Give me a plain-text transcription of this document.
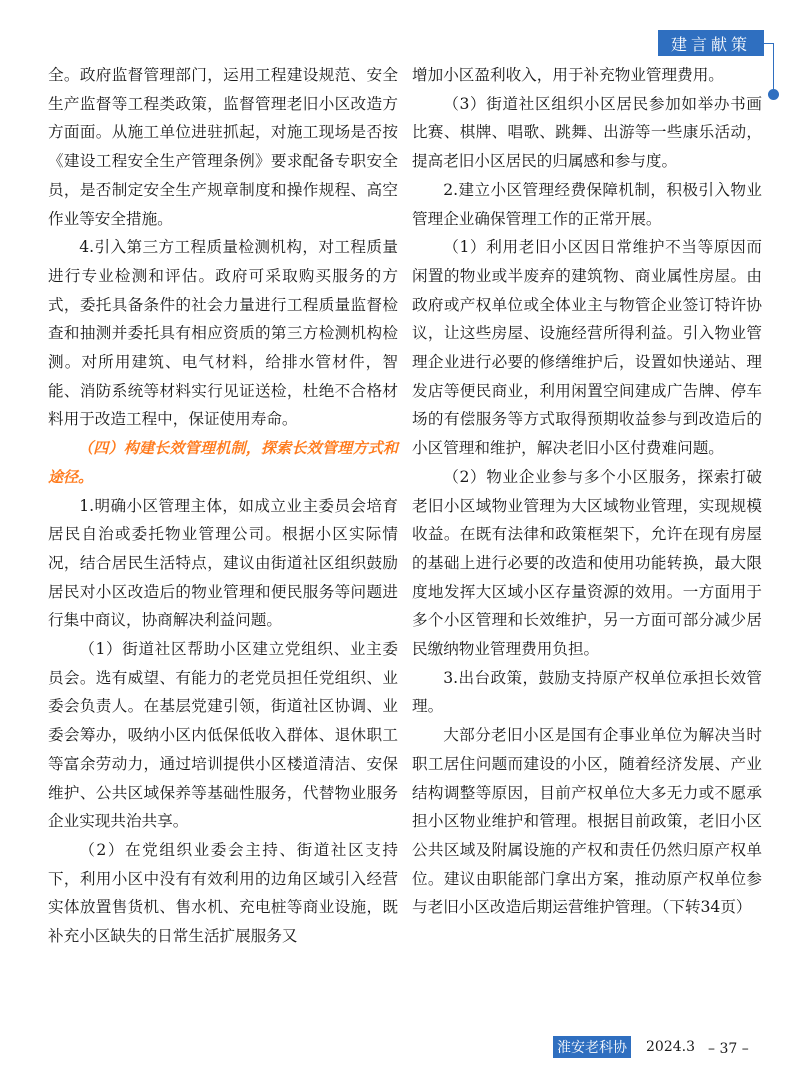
建言献策

全。政府监督管理部门，运用工程建设规范、安全生产监督等工程类政策，监督管理老旧小区改造方方面面。从施工单位进驻抓起，对施工现场是否按《建设工程安全生产管理条例》要求配备专职安全员，是否制定安全生产规章制度和操作规程、高空作业等安全措施。

4.引入第三方工程质量检测机构，对工程质量进行专业检测和评估。政府可采取购买服务的方式，委托具备条件的社会力量进行工程质量监督检查和抽测并委托具有相应资质的第三方检测机构检测。对所用建筑、电气材料，给排水管材件，智能、消防系统等材料实行见证送检，杜绝不合格材料用于改造工程中，保证使用寿命。

（四）构建长效管理机制，探索长效管理方式和途径。

1.明确小区管理主体，如成立业主委员会培育居民自治或委托物业管理公司。根据小区实际情况，结合居民生活特点，建议由街道社区组织鼓励居民对小区改造后的物业管理和便民服务等问题进行集中商议，协商解决利益问题。

（1）街道社区帮助小区建立党组织、业主委员会。选有威望、有能力的老党员担任党组织、业委会负责人。在基层党建引领，街道社区协调、业委会筹办，吸纳小区内低保低收入群体、退休职工等富余劳动力，通过培训提供小区楼道清洁、安保维护、公共区域保养等基础性服务，代替物业服务企业实现共治共享。

（2）在党组织业委会主持、街道社区支持下，利用小区中没有有效利用的边角区域引入经营实体放置售货机、售水机、充电桩等商业设施，既补充小区缺失的日常生活扩展服务又

增加小区盈利收入，用于补充物业管理费用。

（3）街道社区组织小区居民参加如举办书画比赛、棋牌、唱歌、跳舞、出游等一些康乐活动，提高老旧小区居民的归属感和参与度。

2.建立小区管理经费保障机制，积极引入物业管理企业确保管理工作的正常开展。

（1）利用老旧小区因日常维护不当等原因而闲置的物业或半废弃的建筑物、商业属性房屋。由政府或产权单位或全体业主与物管企业签订特许协议，让这些房屋、设施经营所得利益。引入物业管理企业进行必要的修缮维护后，设置如快递站、理发店等便民商业，利用闲置空间建成广告牌、停车场的有偿服务等方式取得预期收益参与到改造后的小区管理和维护，解决老旧小区付费难问题。

（2）物业企业参与多个小区服务，探索打破老旧小区域物业管理为大区域物业管理，实现规模收益。在既有法律和政策框架下，允许在现有房屋的基础上进行必要的改造和使用功能转换，最大限度地发挥大区域小区存量资源的效用。一方面用于多个小区管理和长效维护，另一方面可部分减少居民缴纳物业管理费用负担。

3.出台政策，鼓励支持原产权单位承担长效管理。

大部分老旧小区是国有企事业单位为解决当时职工居住问题而建设的小区，随着经济发展、产业结构调整等原因，目前产权单位大多无力或不愿承担小区物业维护和管理。根据目前政策，老旧小区公共区域及附属设施的产权和责任仍然归原产权单位。建议由职能部门拿出方案，推动原产权单位参与老旧小区改造后期运营维护管理。（下转34页）

淮安老科协 2024.3 – 37 –
